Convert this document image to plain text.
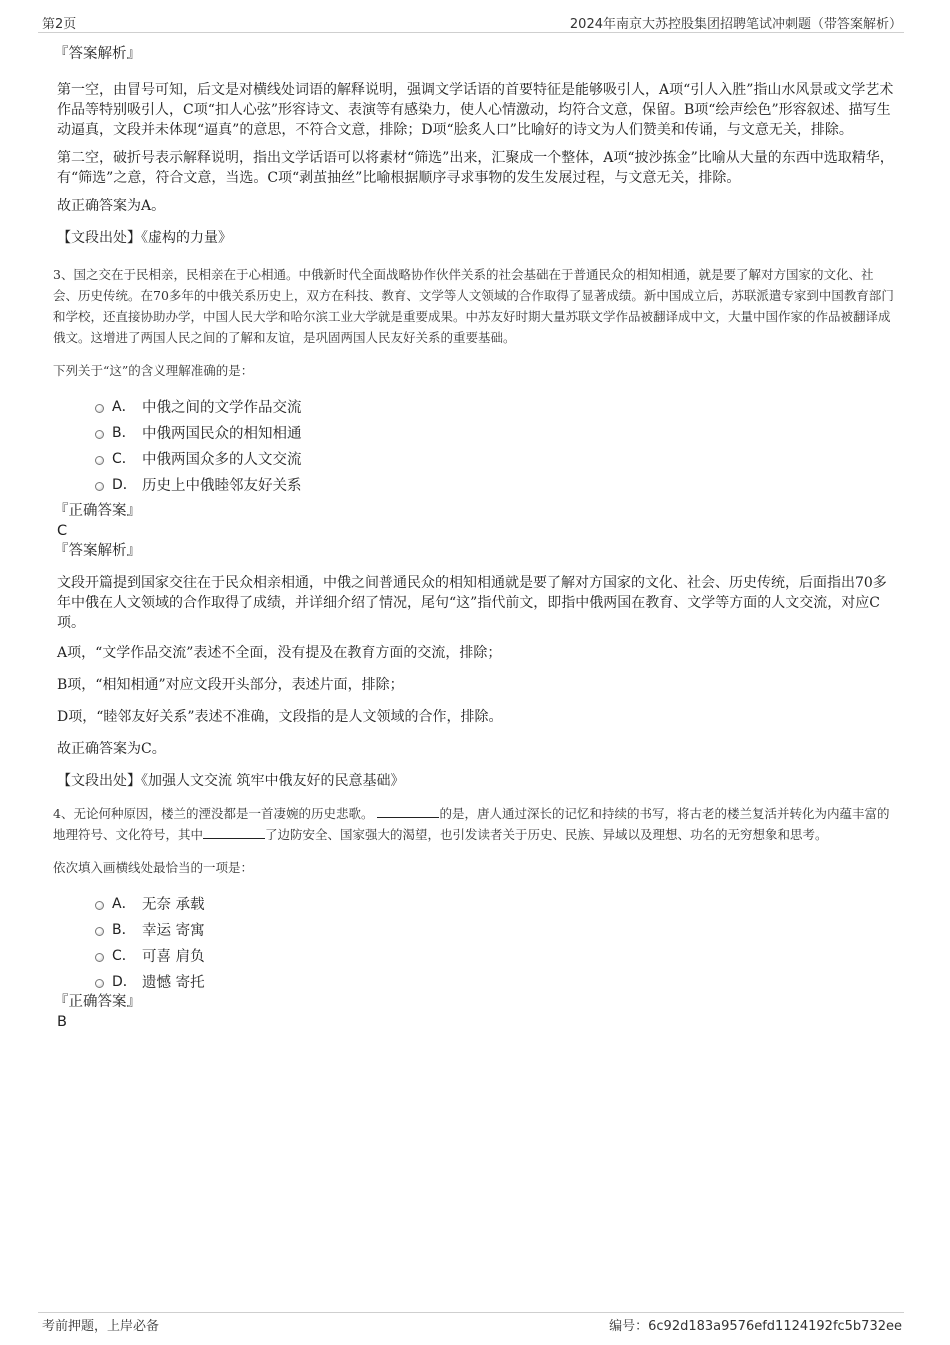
第2页	2024年南京大苏控股集团招聘笔试冲刺题（带答案解析）
『答案解析』

第一空，由冒号可知，后文是对横线处词语的解释说明，强调文学话语的首要特征是能够吸引人，A项“引人入胜”指山水风景或文学艺术作品等特别吸引人，C项“扣人心弦”形容诗文、表演等有感染力，使人心情激动，均符合文意，保留。B项“绘声绘色”形容叙述、描写生动逼真，文段并未体现“逼真”的意思，不符合文意，排除；D项“脍炙人口”比喻好的诗文为人们赞美和传诵，与文意无关，排除。

第二空，破折号表示解释说明，指出文学话语可以将素材“筛选”出来，汇聚成一个整体，A项“披沙拣金”比喻从大量的东西中选取精华，有“筛选”之意，符合文意，当选。C项“剥茧抽丝”比喻根据顺序寻求事物的发生发展过程，与文意无关，排除。

故正确答案为A。

【文段出处】《虚构的力量》

3、国之交在于民相亲，民相亲在于心相通。中俄新时代全面战略协作伙伴关系的社会基础在于普通民众的相知相通，就是要了解对方国家的文化、社会、历史传统。在70多年的中俄关系历史上，双方在科技、教育、文学等人文领域的合作取得了显著成绩。新中国成立后，苏联派遣专家到中国教育部门和学校，还直接协助办学，中国人民大学和哈尔滨工业大学就是重要成果。中苏友好时期大量苏联文学作品被翻译成中文，大量中国作家的作品被翻译成俄文。这增进了两国人民之间的了解和友谊，是巩固两国人民友好关系的重要基础。

下列关于“这”的含义理解准确的是：

A． 中俄之间的文学作品交流
B． 中俄两国民众的相知相通
C． 中俄两国众多的人文交流
D． 历史上中俄睦邻友好关系
『正确答案』
C
『答案解析』

文段开篇提到国家交往在于民众相亲相通，中俄之间普通民众的相知相通就是要了解对方国家的文化、社会、历史传统，后面指出70多年中俄在人文领域的合作取得了成绩，并详细介绍了情况，尾句“这”指代前文，即指中俄两国在教育、文学等方面的人文交流，对应C项。

A项，“文学作品交流”表述不全面，没有提及在教育方面的交流，排除；

B项，“相知相通”对应文段开头部分，表述片面，排除；

D项，“睦邻友好关系”表述不准确，文段指的是人文领域的合作，排除。

故正确答案为C。

【文段出处】《加强人文交流 筑牢中俄友好的民意基础》

4、无论何种原因，楼兰的湮没都是一首凄婉的历史悲歌。	的是，唐人通过深长的记忆和持续的书写，将古老的楼兰复活并转化为内蕴丰富的地理符号、文化符号，其中	了边防安全、国家强大的渴望，也引发读者关于历史、民族、异域以及理想、功名的无穷想象和思考。

依次填入画横线处最恰当的一项是：

A． 无奈 承载
B． 幸运 寄寓
C． 可喜 肩负
D． 遗憾 寄托
『正确答案』
B
考前押题，上岸必备	编号：6c92d183a9576efd1124192fc5b732ee
